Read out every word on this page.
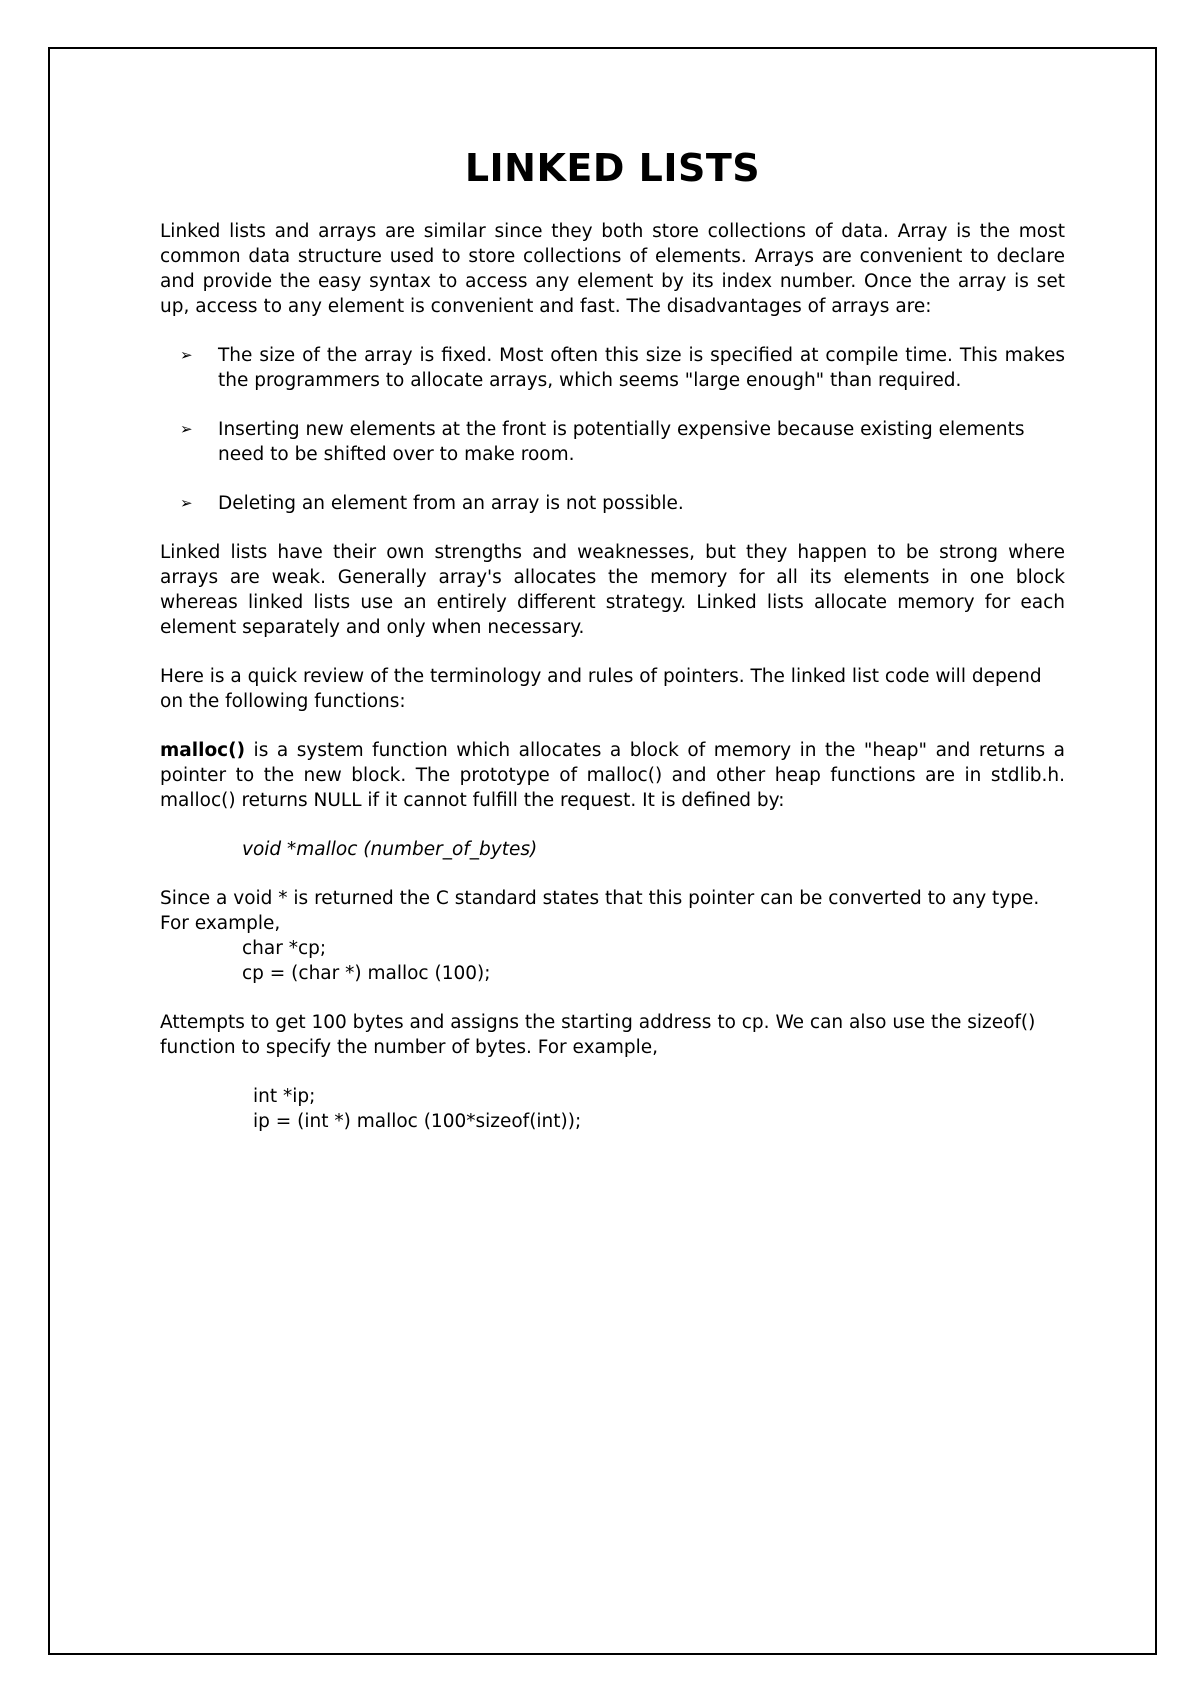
LINKED LISTS

Linked lists and arrays are similar since they both store collections of data. Array is the most common data structure used to store collections of elements. Arrays are convenient to declare and provide the easy syntax to access any element by its index number. Once the array is set up, access to any element is convenient and fast. The disadvantages of arrays are:

➢ The size of the array is fixed. Most often this size is specified at compile time. This makes the programmers to allocate arrays, which seems "large enough" than required.
➢ Inserting new elements at the front is potentially expensive because existing elements need to be shifted over to make room.
➢ Deleting an element from an array is not possible.

Linked lists have their own strengths and weaknesses, but they happen to be strong where arrays are weak. Generally array's allocates the memory for all its elements in one block whereas linked lists use an entirely different strategy. Linked lists allocate memory for each element separately and only when necessary.

Here is a quick review of the terminology and rules of pointers. The linked list code will depend on the following functions:

malloc() is a system function which allocates a block of memory in the "heap" and returns a pointer to the new block. The prototype of malloc() and other heap functions are in stdlib.h. malloc() returns NULL if it cannot fulfill the request. It is defined by:

void *malloc (number_of_bytes)

Since a void * is returned the C standard states that this pointer can be converted to any type. For example,
char *cp;
cp = (char *) malloc (100);

Attempts to get 100 bytes and assigns the starting address to cp. We can also use the sizeof() function to specify the number of bytes. For example,

int *ip;
ip = (int *) malloc (100*sizeof(int));
